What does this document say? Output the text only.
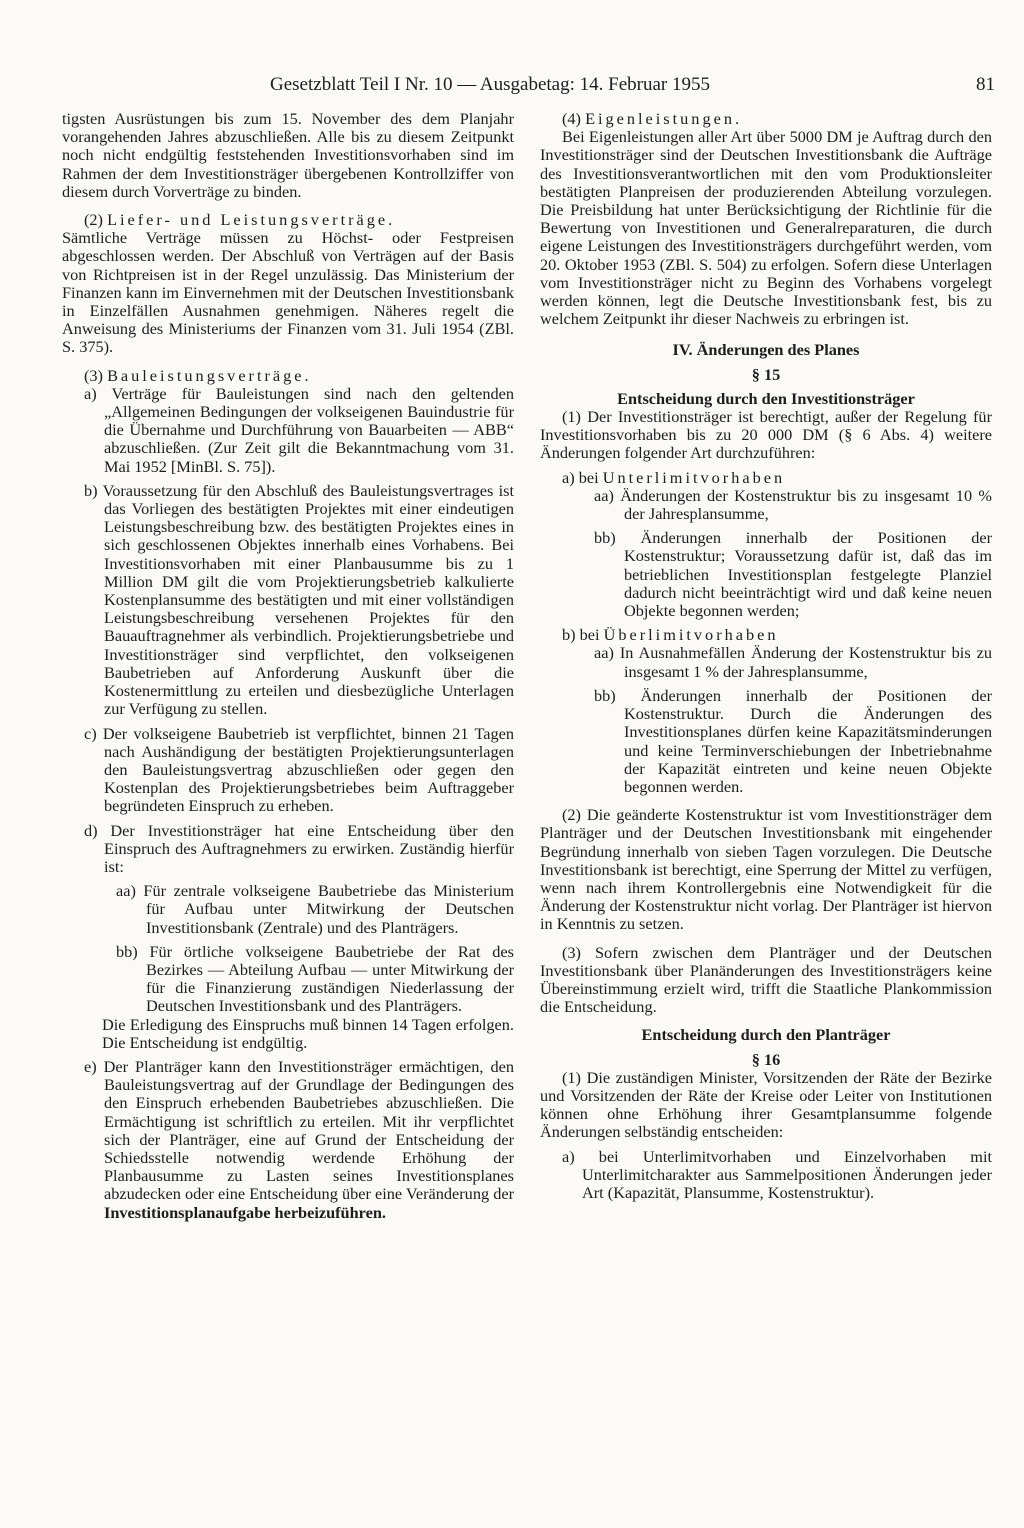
Gesetzblatt Teil I Nr. 10 — Ausgabetag: 14. Februar 1955	81

tigsten Ausrüstungen bis zum 15. November des dem Planjahr vorangehenden Jahres abzuschließen. Alle bis zu diesem Zeitpunkt noch nicht endgültig feststehenden Investitionsvorhaben sind im Rahmen der dem Investitionsträger übergebenen Kontrollziffer von diesem durch Vorverträge zu binden.

(2) Liefer- und Leistungsverträge.

Sämtliche Verträge müssen zu Höchst- oder Festpreisen abgeschlossen werden. Der Abschluß von Verträgen auf der Basis von Richtpreisen ist in der Regel unzulässig. Das Ministerium der Finanzen kann im Einvernehmen mit der Deutschen Investitionsbank in Einzelfällen Ausnahmen genehmigen. Näheres regelt die Anweisung des Ministeriums der Finanzen vom 31. Juli 1954 (ZBl. S. 375).

(3) Bauleistungsverträge.

a) Verträge für Bauleistungen sind nach den geltenden „Allgemeinen Bedingungen der volkseigenen Bauindustrie für die Übernahme und Durchführung von Bauarbeiten — ABB“ abzuschließen. (Zur Zeit gilt die Bekanntmachung vom 31. Mai 1952 [MinBl. S. 75]).

b) Voraussetzung für den Abschluß des Bauleistungsvertrages ist das Vorliegen des bestätigten Projektes mit einer eindeutigen Leistungsbeschreibung bzw. des bestätigten Projektes eines in sich geschlossenen Objektes innerhalb eines Vorhabens. Bei Investitionsvorhaben mit einer Planbausumme bis zu 1 Million DM gilt die vom Projektierungsbetrieb kalkulierte Kostenplansumme des bestätigten und mit einer vollständigen Leistungsbeschreibung versehenen Projektes für den Bauauftragnehmer als verbindlich. Projektierungsbetriebe und Investitionsträger sind verpflichtet, den volkseigenen Baubetrieben auf Anforderung Auskunft über die Kostenermittlung zu erteilen und diesbezügliche Unterlagen zur Verfügung zu stellen.

c) Der volkseigene Baubetrieb ist verpflichtet, binnen 21 Tagen nach Aushändigung der bestätigten Projektierungsunterlagen den Bauleistungsvertrag abzuschließen oder gegen den Kostenplan des Projektierungsbetriebes beim Auftraggeber begründeten Einspruch zu erheben.

d) Der Investitionsträger hat eine Entscheidung über den Einspruch des Auftragnehmers zu erwirken. Zuständig hierfür ist:

aa) Für zentrale volkseigene Baubetriebe das Ministerium für Aufbau unter Mitwirkung der Deutschen Investitionsbank (Zentrale) und des Planträgers.

bb) Für örtliche volkseigene Baubetriebe der Rat des Bezirkes — Abteilung Aufbau — unter Mitwirkung der für die Finanzierung zuständigen Niederlassung der Deutschen Investitionsbank und des Planträgers.

Die Erledigung des Einspruchs muß binnen 14 Tagen erfolgen. Die Entscheidung ist endgültig.

e) Der Planträger kann den Investitionsträger ermächtigen, den Bauleistungsvertrag auf der Grundlage der Bedingungen des den Einspruch erhebenden Baubetriebes abzuschließen. Die Ermächtigung ist schriftlich zu erteilen. Mit ihr verpflichtet sich der Planträger, eine auf Grund der Entscheidung der Schiedsstelle notwendig werdende Erhöhung der Planbausumme zu Lasten seines Investitionsplanes abzudecken oder eine Entscheidung über eine Veränderung der Investitionsplanaufgabe herbeizuführen.

(4) Eigenleistungen.

Bei Eigenleistungen aller Art über 5000 DM je Auftrag durch den Investitionsträger sind der Deutschen Investitionsbank die Aufträge des Investitionsverantwortlichen mit den vom Produktionsleiter bestätigten Planpreisen der produzierenden Abteilung vorzulegen. Die Preisbildung hat unter Berücksichtigung der Richtlinie für die Bewertung von Investitionen und Generalreparaturen, die durch eigene Leistungen des Investitionsträgers durchgeführt werden, vom 20. Oktober 1953 (ZBl. S. 504) zu erfolgen. Sofern diese Unterlagen vom Investitionsträger nicht zu Beginn des Vorhabens vorgelegt werden können, legt die Deutsche Investitionsbank fest, bis zu welchem Zeitpunkt ihr dieser Nachweis zu erbringen ist.

IV. Änderungen des Planes

§ 15

Entscheidung durch den Investitionsträger

(1) Der Investitionsträger ist berechtigt, außer der Regelung für Investitionsvorhaben bis zu 20 000 DM (§ 6 Abs. 4) weitere Änderungen folgender Art durchzuführen:

a) bei Unterlimitvorhaben

aa) Änderungen der Kostenstruktur bis zu insgesamt 10 % der Jahresplansumme,

bb) Änderungen innerhalb der Positionen der Kostenstruktur; Voraussetzung dafür ist, daß das im betrieblichen Investitionsplan festgelegte Planziel dadurch nicht beeinträchtigt wird und daß keine neuen Objekte begonnen werden;

b) bei Überlimitvorhaben

aa) In Ausnahmefällen Änderung der Kostenstruktur bis zu insgesamt 1 % der Jahresplansumme,

bb) Änderungen innerhalb der Positionen der Kostenstruktur. Durch die Änderungen des Investitionsplanes dürfen keine Kapazitätsminderungen und keine Terminverschiebungen der Inbetriebnahme der Kapazität eintreten und keine neuen Objekte begonnen werden.

(2) Die geänderte Kostenstruktur ist vom Investitionsträger dem Planträger und der Deutschen Investitionsbank mit eingehender Begründung innerhalb von sieben Tagen vorzulegen. Die Deutsche Investitionsbank ist berechtigt, eine Sperrung der Mittel zu verfügen, wenn nach ihrem Kontrollergebnis eine Notwendigkeit für die Änderung der Kostenstruktur nicht vorlag. Der Planträger ist hiervon in Kenntnis zu setzen.

(3) Sofern zwischen dem Planträger und der Deutschen Investitionsbank über Planänderungen des Investitionsträgers keine Übereinstimmung erzielt wird, trifft die Staatliche Plankommission die Entscheidung.

Entscheidung durch den Planträger

§ 16

(1) Die zuständigen Minister, Vorsitzenden der Räte der Bezirke und Vorsitzenden der Räte der Kreise oder Leiter von Institutionen können ohne Erhöhung ihrer Gesamtplansumme folgende Änderungen selbständig entscheiden:

a) bei Unterlimitvorhaben und Einzelvorhaben mit Unterlimitcharakter aus Sammelpositionen Änderungen jeder Art (Kapazität, Plansumme, Kostenstruktur).
